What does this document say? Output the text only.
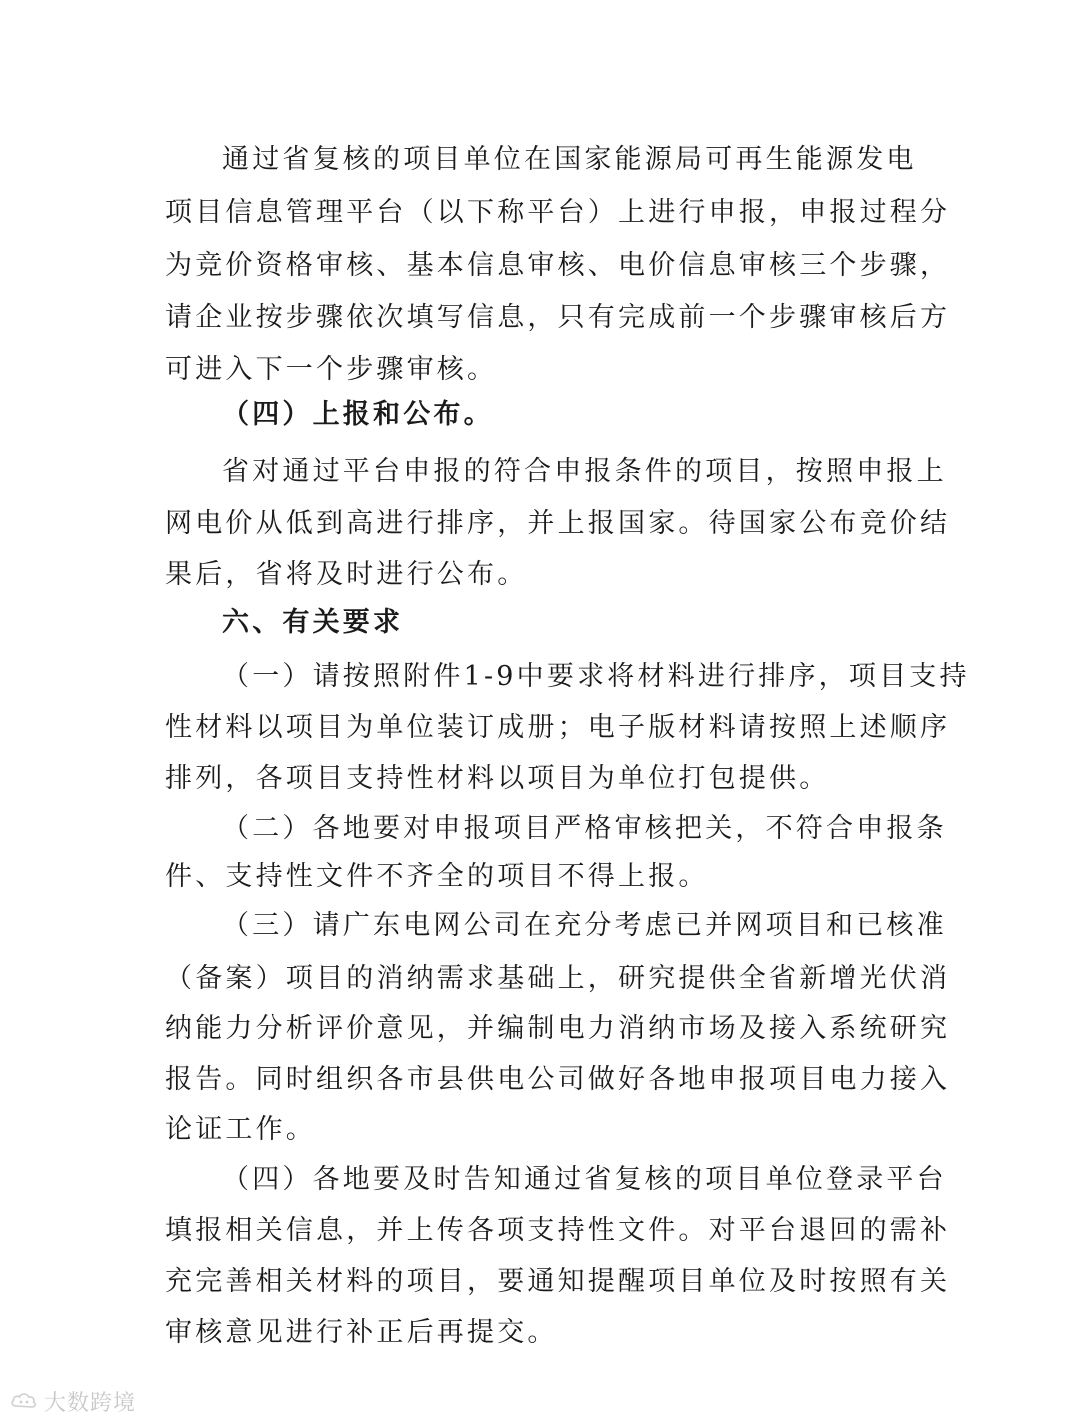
通过省复核的项目单位在国家能源局可再生能源发电
项目信息管理平台（以下称平台）上进行申报，申报过程分
为竞价资格审核、基本信息审核、电价信息审核三个步骤，
请企业按步骤依次填写信息，只有完成前一个步骤审核后方
可进入下一个步骤审核。
（四）上报和公布。
省对通过平台申报的符合申报条件的项目，按照申报上
网电价从低到高进行排序，并上报国家。待国家公布竞价结
果后，省将及时进行公布。
六、有关要求
（一）请按照附件1-9中要求将材料进行排序，项目支持
性材料以项目为单位装订成册；电子版材料请按照上述顺序
排列，各项目支持性材料以项目为单位打包提供。
（二）各地要对申报项目严格审核把关，不符合申报条
件、支持性文件不齐全的项目不得上报。
（三）请广东电网公司在充分考虑已并网项目和已核准
（备案）项目的消纳需求基础上，研究提供全省新增光伏消
纳能力分析评价意见，并编制电力消纳市场及接入系统研究
报告。同时组织各市县供电公司做好各地申报项目电力接入
论证工作。
（四）各地要及时告知通过省复核的项目单位登录平台
填报相关信息，并上传各项支持性文件。对平台退回的需补
充完善相关材料的项目，要通知提醒项目单位及时按照有关
审核意见进行补正后再提交。
大数跨境
